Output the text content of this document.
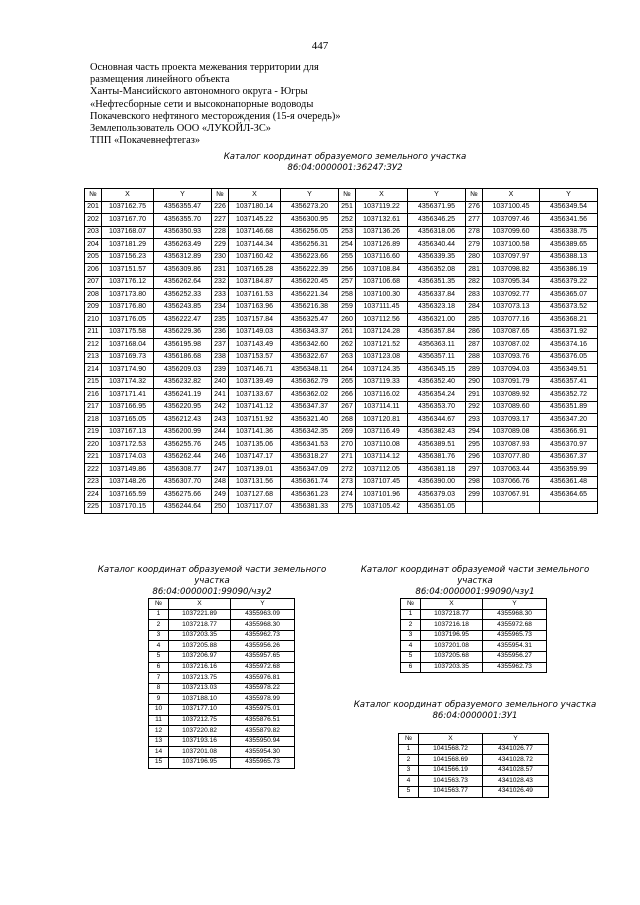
447
Основная часть проекта межевания территории для
размещения линейного объекта
Ханты-Мансийского автономного округа - Югры
«Нефтесборные сети и высоконапорные водоводы
Покачевского нефтяного месторождения (15-я очередь)»
Землепользователь ООО «ЛУКОЙЛ-ЗС»
ТПП «Покачевнефтегаз»
Каталог координат образуемого земельного участка
86:04:0000001:36247:ЗУ2
№	X	Y	№	X	Y	№	X	Y	№	X	Y
201	1037162.75	4356355.47	226	1037180.14	4356273.20	251	1037119.22	4356371.95	276	1037100.45	4356349.54
202	1037167.70	4356355.70	227	1037145.22	4356300.95	252	1037132.61	4356346.25	277	1037097.46	4356341.56
203	1037168.07	4356350.93	228	1037146.68	4356256.05	253	1037136.26	4356318.06	278	1037099.60	4356338.75
204	1037181.29	4356263.49	229	1037144.34	4356256.31	254	1037126.89	4356340.44	279	1037100.58	4356389.65
205	1037156.23	4356312.89	230	1037160.42	4356223.66	255	1037116.60	4356339.35	280	1037097.97	4356388.13
206	1037151.57	4356309.86	231	1037165.28	4356222.39	256	1037108.84	4356352.08	281	1037098.82	4356386.19
207	1037176.12	4356262.64	232	1037184.87	4356220.45	257	1037106.68	4356351.35	282	1037095.34	4356379.22
208	1037173.80	4356252.33	233	1037161.53	4356221.34	258	1037100.30	4356337.84	283	1037092.77	4356365.07
209	1037176.80	4356243.85	234	1037163.96	4356216.38	259	1037111.45	4356323.18	284	1037073.13	4356373.52
210	1037176.05	4356222.47	235	1037157.84	4356325.47	260	1037112.56	4356321.00	285	1037077.16	4356368.21
211	1037175.58	4356229.36	236	1037149.03	4356343.37	261	1037124.28	4356357.84	286	1037087.65	4356371.92
212	1037168.04	4356195.98	237	1037143.49	4356342.60	262	1037121.52	4356363.11	287	1037087.02	4356374.16
213	1037169.73	4356186.68	238	1037153.57	4356322.67	263	1037123.08	4356357.11	288	1037093.76	4356376.05
214	1037174.90	4356209.03	239	1037146.71	4356348.11	264	1037124.35	4356345.15	289	1037094.03	4356349.51
215	1037174.32	4356232.82	240	1037139.49	4356362.79	265	1037119.33	4356352.40	290	1037091.79	4356357.41
216	1037171.41	4356241.19	241	1037133.67	4356362.02	266	1037116.02	4356354.24	291	1037089.92	4356352.72
217	1037166.95	4356220.95	242	1037141.12	4356347.37	267	1037114.11	4356353.70	292	1037089.60	4356351.89
218	1037165.05	4356212.43	243	1037151.92	4356321.40	268	1037120.81	4356344.67	293	1037093.17	4356347.20
219	1037167.13	4356200.99	244	1037141.36	4356342.35	269	1037116.49	4356382.43	294	1037089.08	4356366.91
220	1037172.53	4356255.76	245	1037135.06	4356341.53	270	1037110.08	4356389.51	295	1037087.93	4356370.97
221	1037174.03	4356262.44	246	1037147.17	4356318.27	271	1037114.12	4356381.76	296	1037077.80	4356367.37
222	1037149.86	4356308.77	247	1037139.01	4356347.09	272	1037112.05	4356381.18	297	1037063.44	4356359.99
223	1037148.26	4356307.70	248	1037131.56	4356361.74	273	1037107.45	4356390.00	298	1037066.76	4356361.48
224	1037165.59	4356275.66	249	1037127.68	4356361.23	274	1037101.96	4356379.03	299	1037067.91	4356364.65
225	1037170.15	4356244.64	250	1037117.07	4356381.33	275	1037105.42	4356351.05			
Каталог координат образуемой части земельного участка
86:04:0000001:99090/чзу2
№	X	Y
1	1037221.89	4355963.09
2	1037218.77	4355968.30
3	1037203.35	4355962.73
4	1037205.88	4355956.26
5	1037206.97	4355957.65
6	1037216.16	4355972.68
7	1037213.75	4355976.81
8	1037213.03	4355978.22
9	1037188.10	4355978.99
10	1037177.10	4355975.01
11	1037212.75	4355876.51
12	1037220.82	4355879.82
13	1037193.16	4355950.94
14	1037201.08	4355954.30
15	1037196.95	4355965.73
Каталог координат образуемой части земельного участка
86:04:0000001:99090/чзу1
№	X	Y
1	1037218.77	4355968.30
2	1037216.18	4355972.68
3	1037196.95	4355965.73
4	1037201.08	4355954.31
5	1037205.68	4355956.27
6	1037203.35	4355962.73
Каталог координат образуемого земельного участка
86:04:0000001:ЗУ1
№	X	Y
1	1041568.72	4341026.77
2	1041568.69	4341028.72
3	1041566.19	4341028.57
4	1041563.73	4341028.43
5	1041563.77	4341026.49
